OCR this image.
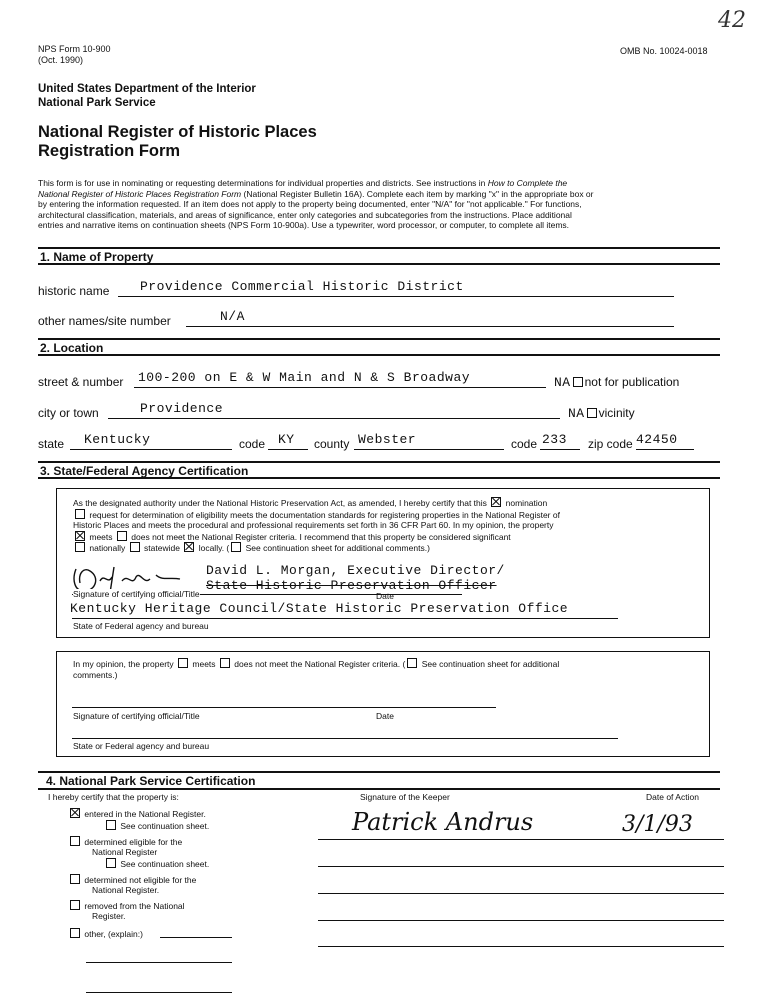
NPS Form 10-900
(Oct. 1990)
OMB No. 10024-0018
42
United States Department of the Interior
National Park Service
National Register of Historic Places
Registration Form
This form is for use in nominating or requesting determinations for individual properties and districts. See instructions in How to Complete the
National Register of Historic Places Registration Form (National Register Bulletin 16A). Complete each item by marking "x" in the appropriate box or
by entering the information requested. If an item does not apply to the property being documented, enter "N/A" for "not applicable." For functions,
architectural classification, materials, and areas of significance, enter only categories and subcategories from the instructions. Place additional
entries and narrative items on continuation sheets (NPS Form 10-900a). Use a typewriter, word processor, or computer, to complete all items.
1. Name of Property
historic name Providence Commercial Historic District
other names/site number	N/A
2. Location
street & number 100-200 on E & W Main and N & S Broadway	NA not for publication
city or town	Providence	NA vicinity
state Kentucky	code KY county Webster	code 233 zip code 42450
3. State/Federal Agency Certification
As the designated authority under the National Historic Preservation Act, as amended, I hereby certify that this nomination
request for determination of eligibility meets the documentation standards for registering properties in the National Register of
Historic Places and meets the procedural and professional requirements set forth in 36 CFR Part 60. In my opinion, the property
meets does not meet the National Register criteria. I recommend that this property be considered significant
nationally statewide locally. ( See continuation sheet for additional comments.)
David L. Morgan, Executive Director/
State Historic Preservation Officer
Signature of certifying official/Title	Date
Kentucky Heritage Council/State Historic Preservation Office
State of Federal agency and bureau
In my opinion, the property meets does not meet the National Register criteria. ( See continuation sheet for additional
comments.)
Signature of certifying official/Title	Date
State or Federal agency and bureau
4. National Park Service Certification
I hereby certify that the property is:	Signature of the Keeper	Date of Action
Patrick Andrus	3/1/93
entered in the National Register.
See continuation sheet.
determined eligible for the
National Register
See continuation sheet.
determined not eligible for the
National Register.
removed from the National
Register.
other, (explain:)
